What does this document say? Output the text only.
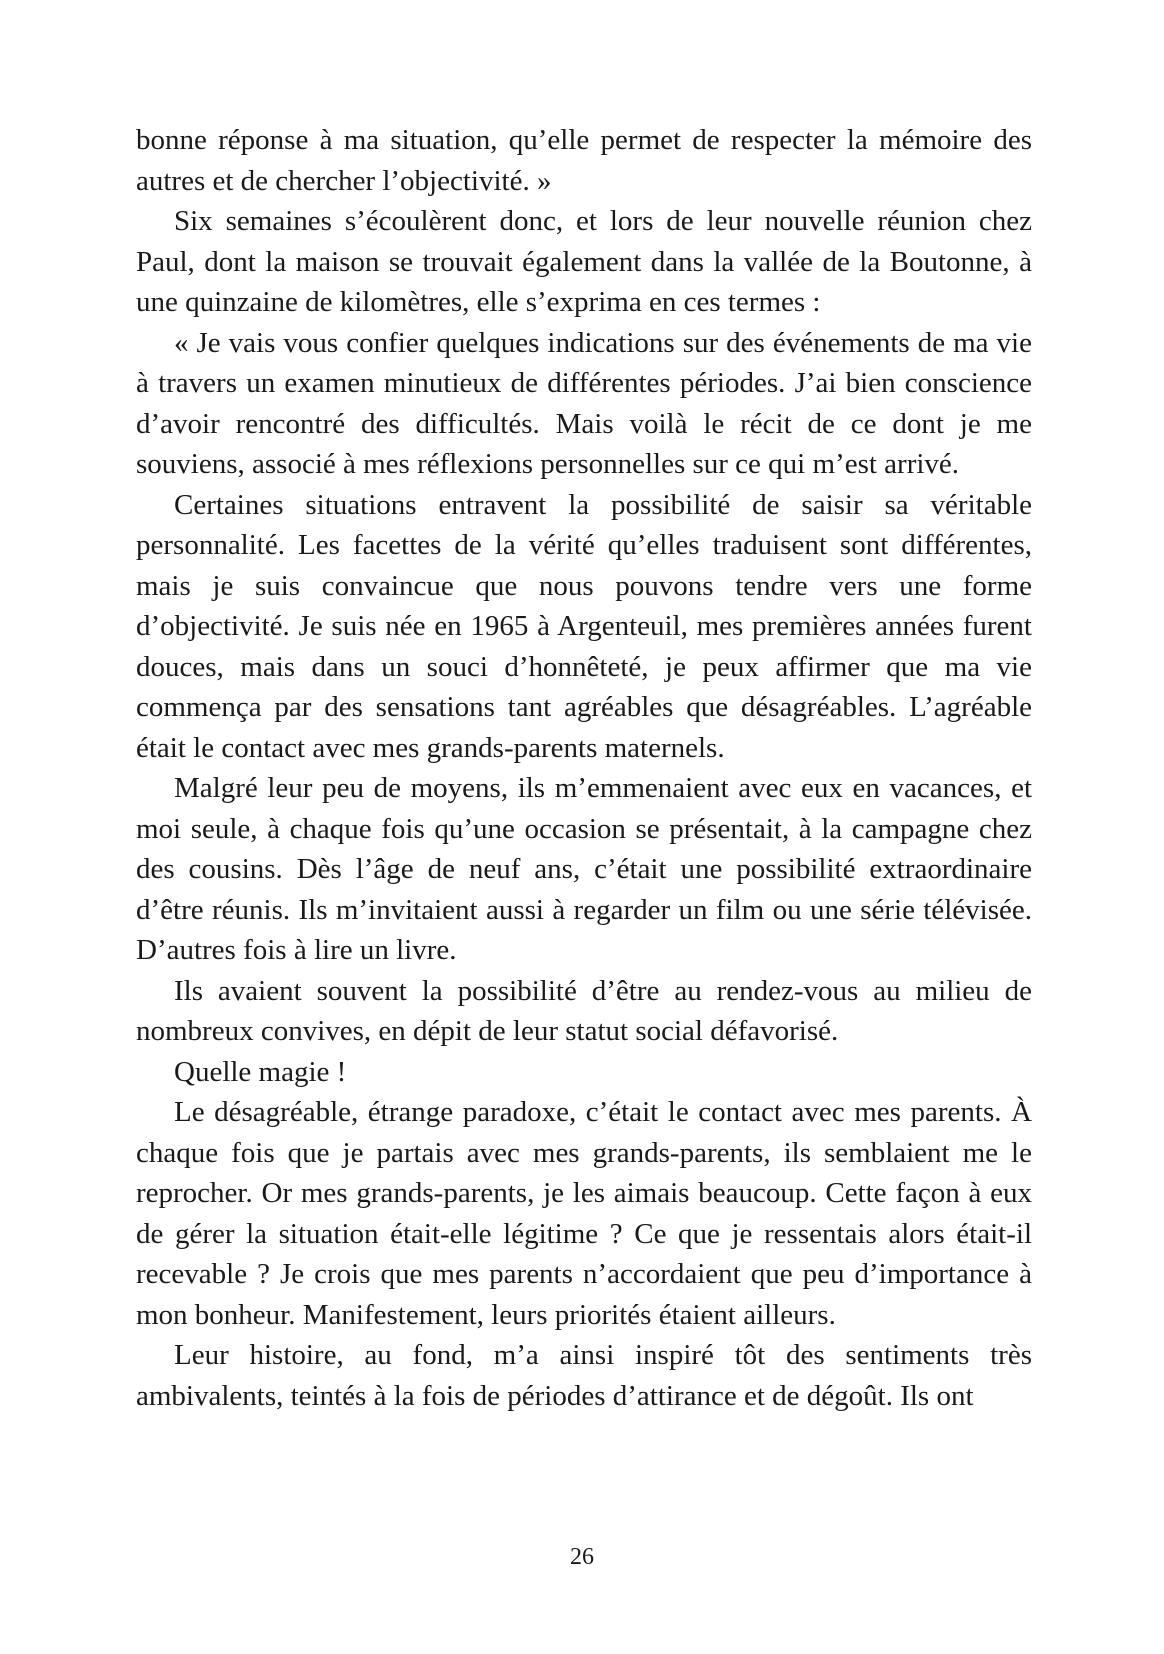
bonne réponse à ma situation, qu’elle permet de respecter la mémoire des autres et de chercher l’objectivité. »

Six semaines s’écoulèrent donc, et lors de leur nouvelle réunion chez Paul, dont la maison se trouvait également dans la vallée de la Boutonne, à une quinzaine de kilomètres, elle s’exprima en ces termes :

« Je vais vous confier quelques indications sur des événements de ma vie à travers un examen minutieux de différentes périodes. J’ai bien conscience d’avoir rencontré des difficultés. Mais voilà le récit de ce dont je me souviens, associé à mes réflexions personnelles sur ce qui m’est arrivé.

Certaines situations entravent la possibilité de saisir sa véritable personnalité. Les facettes de la vérité qu’elles traduisent sont différentes, mais je suis convaincue que nous pouvons tendre vers une forme d’objectivité. Je suis née en 1965 à Argenteuil, mes premières années furent douces, mais dans un souci d’honnêteté, je peux affirmer que ma vie commença par des sensations tant agréables que désagréables. L’agréable était le contact avec mes grands-parents maternels.

Malgré leur peu de moyens, ils m’emmenaient avec eux en vacances, et moi seule, à chaque fois qu’une occasion se présentait, à la campagne chez des cousins. Dès l’âge de neuf ans, c’était une possibilité extraordinaire d’être réunis. Ils m’invitaient aussi à regarder un film ou une série télévisée. D’autres fois à lire un livre.

Ils avaient souvent la possibilité d’être au rendez-vous au milieu de nombreux convives, en dépit de leur statut social défavorisé.

Quelle magie !

Le désagréable, étrange paradoxe, c’était le contact avec mes parents. À chaque fois que je partais avec mes grands-parents, ils semblaient me le reprocher. Or mes grands-parents, je les aimais beaucoup. Cette façon à eux de gérer la situation était-elle légitime ? Ce que je ressentais alors était-il recevable ? Je crois que mes parents n’accordaient que peu d’importance à mon bonheur. Manifestement, leurs priorités étaient ailleurs.

Leur histoire, au fond, m’a ainsi inspiré tôt des sentiments très ambivalents, teintés à la fois de périodes d’attirance et de dégoût. Ils ont

26
